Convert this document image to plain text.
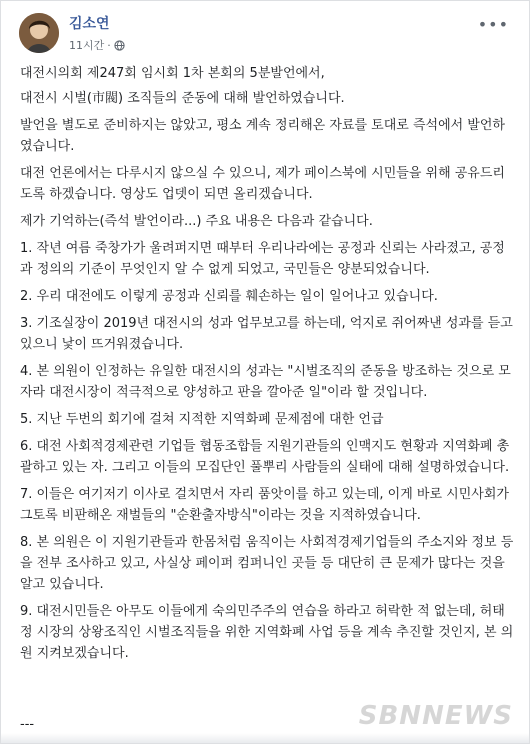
김소연
11시간 ·
•••

대전시의회 제247회 임시회 1차 본회의 5분발언에서,

대전시 시벌(市閥) 조직들의 준동에 대해 발언하였습니다.

발언을 별도로 준비하지는 않았고, 평소 계속 정리해온 자료를 토대로 즉석에서 발언하였습니다.

대전 언론에서는 다루시지 않으실 수 있으니, 제가 페이스북에 시민들을 위해 공유드리도록 하겠습니다. 영상도 업뎃이 되면 올리겠습니다.

제가 기억하는(즉석 발언이라...) 주요 내용은 다음과 같습니다.

1. 작년 여름 죽창가가 울려퍼지면 때부터 우리나라에는 공정과 신뢰는 사라졌고, 공정과 정의의 기준이 무엇인지 알 수 없게 되었고, 국민들은 양분되었습니다.

2. 우리 대전에도 이렇게 공정과 신뢰를 훼손하는 일이 일어나고 있습니다.

3. 기조실장이 2019년 대전시의 성과 업무보고를 하는데, 억지로 쥐어짜낸 성과를 듣고 있으니 낯이 뜨거워졌습니다.

4. 본 의원이 인정하는 유일한 대전시의 성과는 "시벌조직의 준동을 방조하는 것으로 모자라 대전시장이 적극적으로 양성하고 판을 깔아준 일"이라 할 것입니다.

5. 지난 두번의 회기에 걸쳐 지적한 지역화폐 문제점에 대한 언급

6. 대전 사회적경제관련 기업들 협동조합들 지원기관들의 인맥지도 현황과 지역화폐 총괄하고 있는 자. 그리고 이들의 모집단인 풀뿌리 사람들의 실태에 대해 설명하였습니다.

7. 이들은 여기저기 이사로 걸치면서 자리 품앗이를 하고 있는데, 이게 바로 시민사회가 그토록 비판해온 재벌들의 "순환출자방식"이라는 것을 지적하였습니다.

8. 본 의원은 이 지원기관들과 한몸처럼 움직이는 사회적경제기업들의 주소지와 정보 등을 전부 조사하고 있고, 사실상 페이퍼 컴퍼니인 곳들 등 대단히 큰 문제가 많다는 것을 알고 있습니다.

9. 대전시민들은 아무도 이들에게 숙의민주주의 연습을 하라고 허락한 적 없는데, 허태정 시장의 상왕조직인 시벌조직들을 위한 지역화폐 사업 등을 계속 추진할 것인지, 본 의원 지켜보겠습니다.

---	SBNNEWS
